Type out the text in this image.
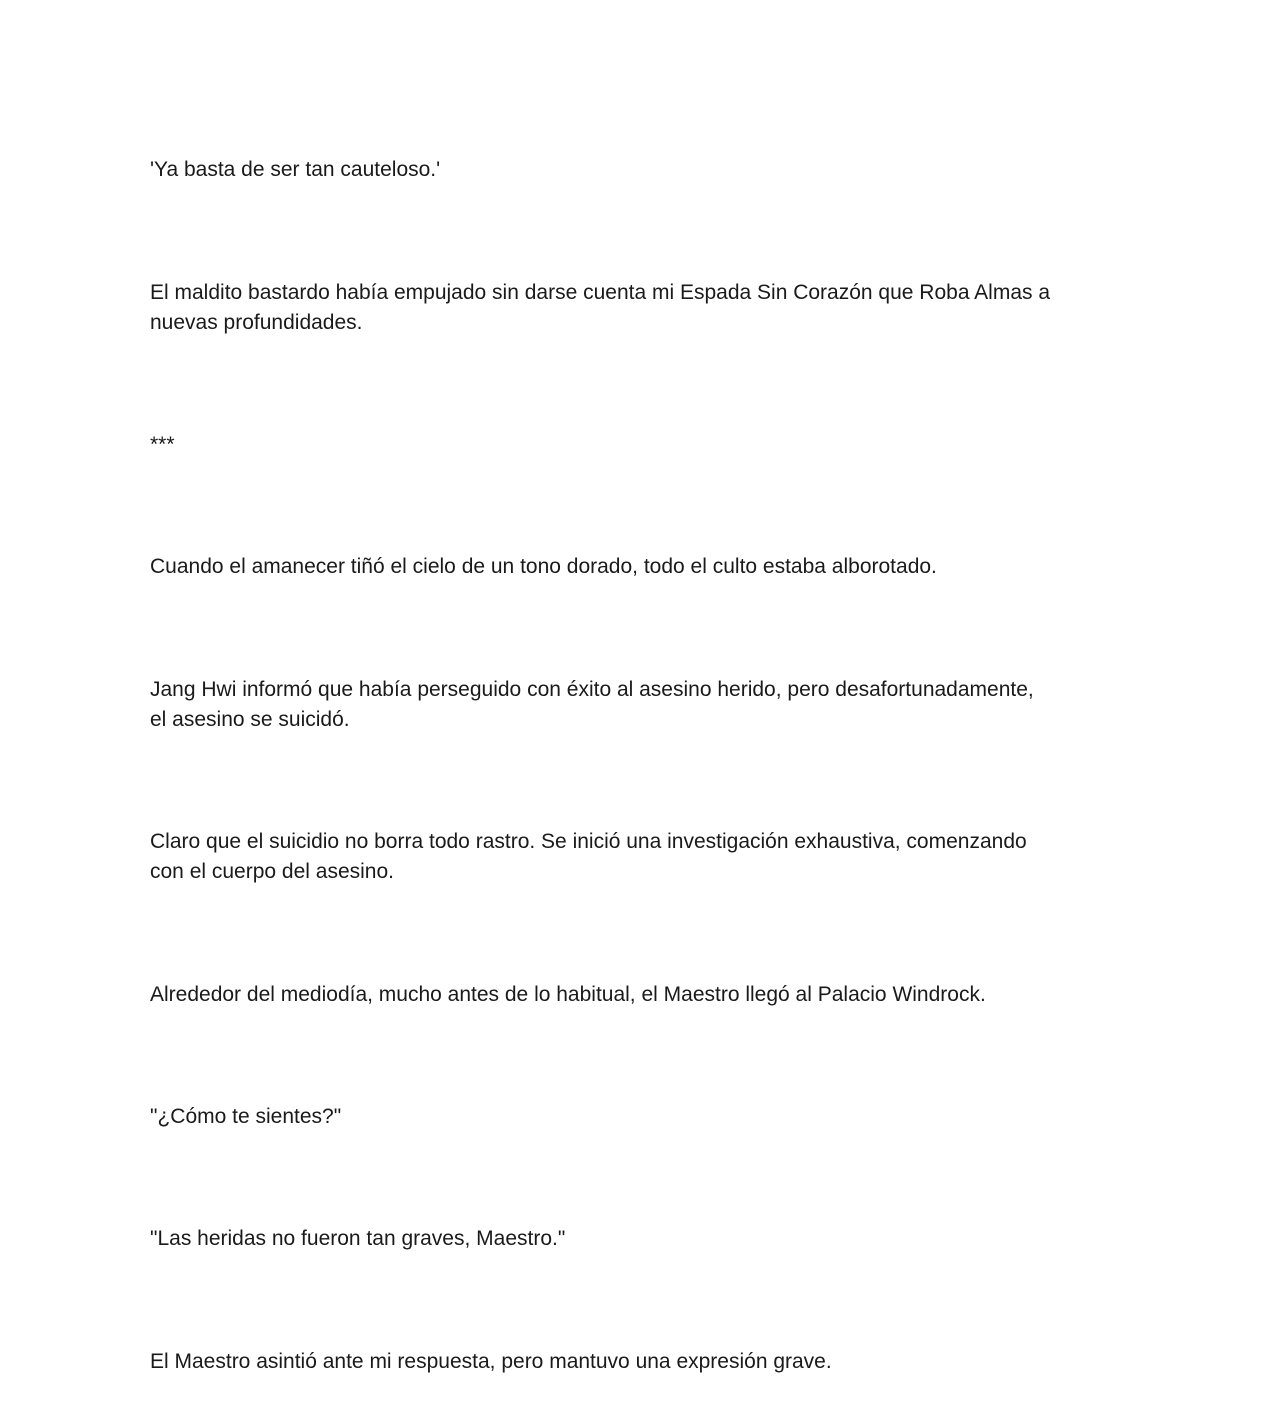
'Ya basta de ser tan cauteloso.'

El maldito bastardo había empujado sin darse cuenta mi Espada Sin Corazón que Roba Almas a
nuevas profundidades.

***

Cuando el amanecer tiñó el cielo de un tono dorado, todo el culto estaba alborotado.

Jang Hwi informó que había perseguido con éxito al asesino herido, pero desafortunadamente,
el asesino se suicidó.

Claro que el suicidio no borra todo rastro. Se inició una investigación exhaustiva, comenzando
con el cuerpo del asesino.

Alrededor del mediodía, mucho antes de lo habitual, el Maestro llegó al Palacio Windrock.

"¿Cómo te sientes?"

"Las heridas no fueron tan graves, Maestro."

El Maestro asintió ante mi respuesta, pero mantuvo una expresión grave.
